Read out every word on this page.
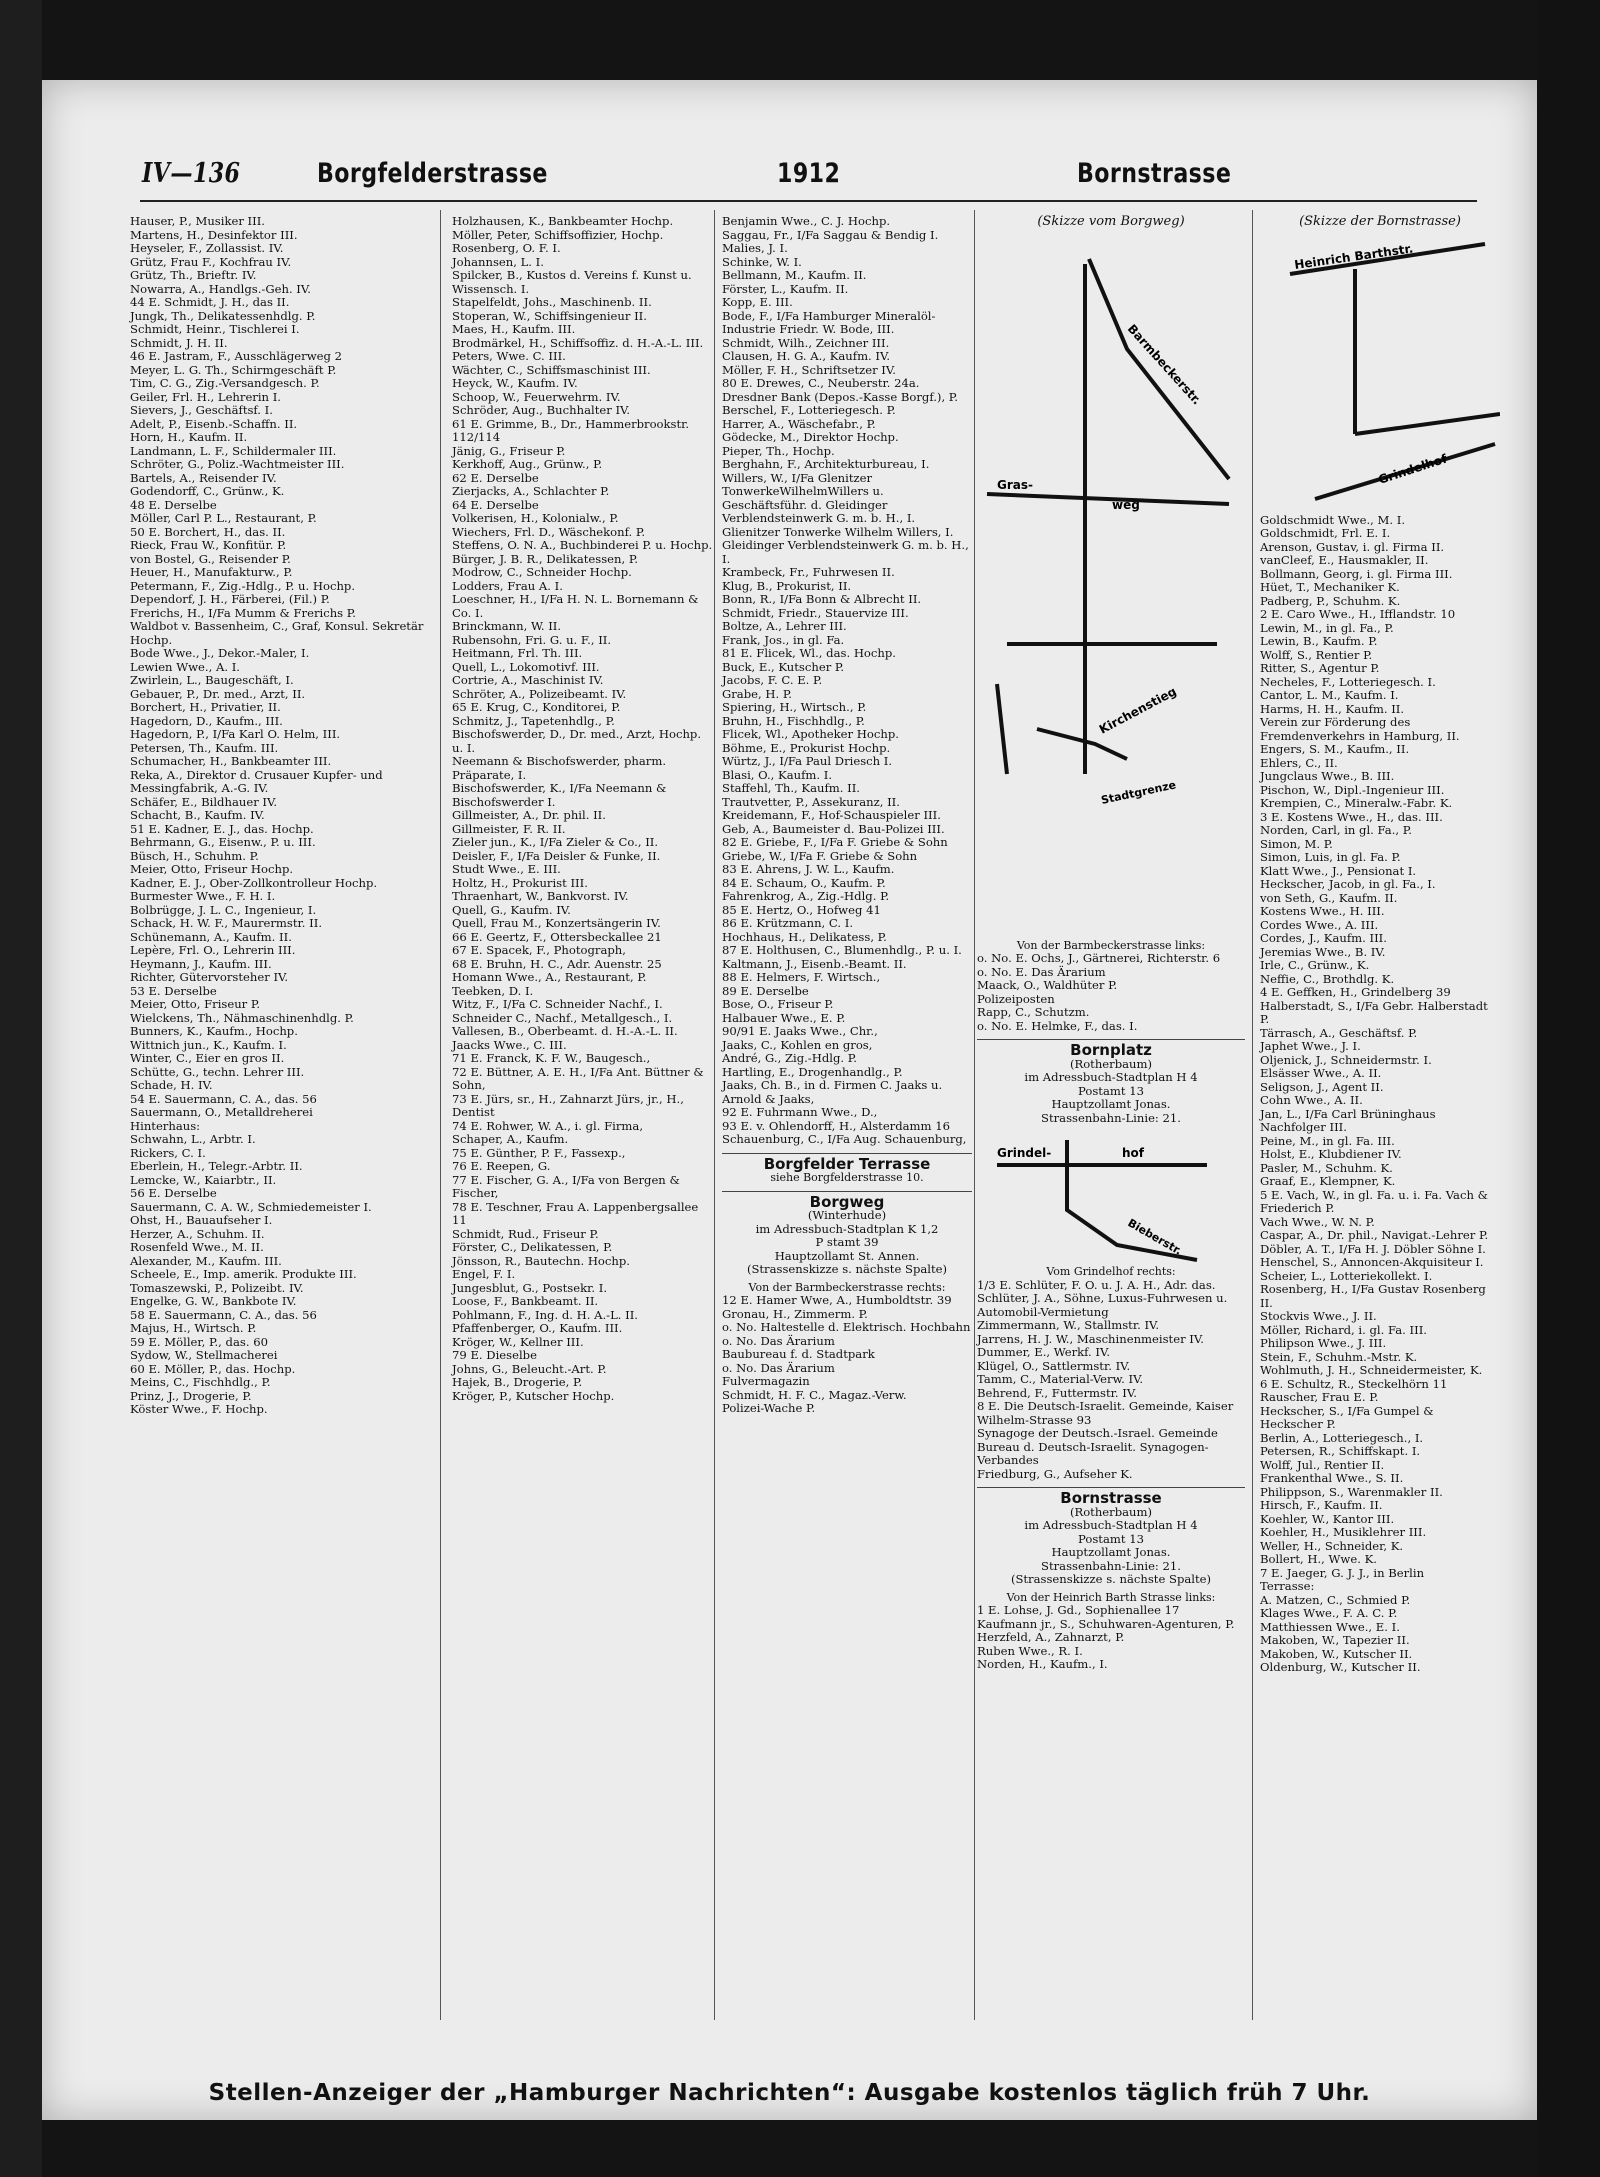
IV—136	Borgfelderstrasse	1912	Bornstrasse
Hauser, P., Musiker III.
Martens, H., Desinfektor III.
Heyseler, F., Zollassist. IV.
Grütz, Frau F., Kochfrau IV.
Grütz, Th., Brieftr. IV.
Nowarra, A., Handlgs.-Geh. IV.
44 E. Schmidt, J. H., das II.
Jungk, Th., Delikatessenhdlg. P.
Schmidt, Heinr., Tischlerei I.
Schmidt, J. H. II.
46 E. Jastram, F., Ausschlägerweg 2
Meyer, L. G. Th., Schirmgeschäft P.
Tim, C. G., Zig.-Versandgesch. P.
Geiler, Frl. H., Lehrerin I.
Sievers, J., Geschäftsf. I.
Adelt, P., Eisenb.-Schaffn. II.
Horn, H., Kaufm. II.
Landmann, L. F., Schildermaler III.
Schröter, G., Poliz.-Wachtmeister III.
Bartels, A., Reisender IV.
Godendorff, C., Grünw., K.
48 E. Derselbe
Möller, Carl P. L., Restaurant, P.
50 E. Borchert, H., das. II.
Rieck, Frau W., Konfitür. P.
von Bostel, G., Reisender P.
Heuer, H., Manufakturw., P.
Petermann, F., Zig.-Hdlg., P. u. Hochp.
Dependorf, J. H., Färberei, (Fil.) P.
Frerichs, H., I/Fa Mumm & Frerichs P.
Waldbot v. Bassenheim, C., Graf, Konsul. Sekretär Hochp.
Bode Wwe., J., Dekor.-Maler, I.
Lewien Wwe., A. I.
Zwirlein, L., Baugeschäft, I.
Gebauer, P., Dr. med., Arzt, II.
Borchert, H., Privatier, II.
Hagedorn, D., Kaufm., III.
Hagedorn, P., I/Fa Karl O. Helm, III.
Petersen, Th., Kaufm. III.
Schumacher, H., Bankbeamter III.
Reka, A., Direktor d. Crusauer Kupfer- und Messingfabrik, A.-G. IV.
Schäfer, E., Bildhauer IV.
Schacht, B., Kaufm. IV.
51 E. Kadner, E. J., das. Hochp.
Behrmann, G., Eisenw., P. u. III.
Büsch, H., Schuhm. P.
Meier, Otto, Friseur Hochp.
Kadner, E. J., Ober-Zollkontrolleur Hochp.
Burmester Wwe., F. H. I.
Bolbrügge, J. L. C., Ingenieur, I.
Schack, H. W. F., Maurermstr. II.
Schünemann, A., Kaufm. II.
Lepère, Frl. O., Lehrerin III.
Heymann, J., Kaufm. III.
Richter, Gütervorsteher IV.
53 E. Derselbe
Meier, Otto, Friseur P.
Wielckens, Th., Nähmaschinenhdlg. P.
Bunners, K., Kaufm., Hochp.
Wittnich jun., K., Kaufm. I.
Winter, C., Eier en gros II.
Schütte, G., techn. Lehrer III.
Schade, H. IV.
54 E. Sauermann, C. A., das. 56
Sauermann, O., Metalldreherei
Hinterhaus:
Schwahn, L., Arbtr. I.
Rickers, C. I.
Eberlein, H., Telegr.-Arbtr. II.
Lemcke, W., Kaiarbtr., II.
56 E. Derselbe
Sauermann, C. A. W., Schmiedemeister I.
Ohst, H., Bauaufseher I.
Herzer, A., Schuhm. II.
Rosenfeld Wwe., M. II.
Alexander, M., Kaufm. III.
Scheele, E., Imp. amerik. Produkte III.
Tomaszewski, P., Polizeibt. IV.
Engelke, G. W., Bankbote IV.
58 E. Sauermann, C. A., das. 56
Majus, H., Wirtsch. P.
59 E. Möller, P., das. 60
Sydow, W., Stellmacherei
60 E. Möller, P., das. Hochp.
Meins, C., Fischhdlg., P.
Prinz, J., Drogerie, P.
Köster Wwe., F. Hochp.
Holzhausen, K., Bankbeamter Hochp.
Möller, Peter, Schiffsoffizier, Hochp.
Rosenberg, O. F. I.
Johannsen, L. I.
Spilcker, B., Kustos d. Vereins f. Kunst u. Wissensch. I.
Stapelfeldt, Johs., Maschinenb. II.
Stoperan, W., Schiffsingenieur II.
Maes, H., Kaufm. III.
Brodmärkel, H., Schiffsoffiz. d. H.-A.-L. III.
Peters, Wwe. C. III.
Wächter, C., Schiffsmaschinist III.
Heyck, W., Kaufm. IV.
Schoop, W., Feuerwehrm. IV.
Schröder, Aug., Buchhalter IV.
61 E. Grimme, B., Dr., Hammerbrookstr. 112/114
Jänig, G., Friseur P.
Kerkhoff, Aug., Grünw., P.
62 E. Derselbe
Zierjacks, A., Schlachter P.
64 E. Derselbe
Volkerisen, H., Kolonialw., P.
Wiechers, Frl. D., Wäschekonf. P.
Steffens, O. N. A., Buchbinderei P. u. Hochp.
Bürger, J. B. R., Delikatessen, P.
Modrow, C., Schneider Hochp.
Lodders, Frau A. I.
Loeschner, H., I/Fa H. N. L. Bornemann & Co. I.
Brinckmann, W. II.
Rubensohn, Fri. G. u. F., II.
Heitmann, Frl. Th. III.
Quell, L., Lokomotivf. III.
Cortrie, A., Maschinist IV.
Schröter, A., Polizeibeamt. IV.
65 E. Krug, C., Konditorei, P.
Schmitz, J., Tapetenhdlg., P.
Bischofswerder, D., Dr. med., Arzt, Hochp. u. I.
Neemann & Bischofswerder, pharm. Präparate, I.
Bischofswerder, K., I/Fa Neemann & Bischofswerder I.
Gillmeister, A., Dr. phil. II.
Gillmeister, F. R. II.
Zieler jun., K., I/Fa Zieler & Co., II.
Deisler, F., I/Fa Deisler & Funke, II.
Studt Wwe., E. III.
Holtz, H., Prokurist III.
Thraenhart, W., Bankvorst. IV.
Quell, G., Kaufm. IV.
Quell, Frau M., Konzertsängerin IV.
66 E. Geertz, F., Ottersbeckallee 21
67 E. Spacek, F., Photograph,
68 E. Bruhn, H. C., Adr. Auenstr. 25
Homann Wwe., A., Restaurant, P.
Teebken, D. I.
Witz, F., I/Fa C. Schneider Nachf., I.
Schneider C., Nachf., Metallgesch., I.
Vallesen, B., Oberbeamt. d. H.-A.-L. II.
Jaacks Wwe., C. III.
71 E. Franck, K. F. W., Baugesch.,
72 E. Büttner, A. E. H., I/Fa Ant. Büttner & Sohn,
73 E. Jürs, sr., H., Zahnarzt Jürs, jr., H., Dentist
74 E. Rohwer, W. A., i. gl. Firma,
Schaper, A., Kaufm.
75 E. Günther, P. F., Fassexp.,
76 E. Reepen, G.
77 E. Fischer, G. A., I/Fa von Bergen & Fischer,
78 E. Teschner, Frau A. Lappenbergsallee 11
Schmidt, Rud., Friseur P.
Förster, C., Delikatessen, P.
Jönsson, R., Bautechn. Hochp.
Engel, F. I.
Jungesblut, G., Postsekr. I.
Loose, F., Bankbeamt. II.
Pohlmann, F., Ing. d. H. A.-L. II.
Pfaffenberger, O., Kaufm. III.
Kröger, W., Kellner III.
79 E. Dieselbe
Johns, G., Beleucht.-Art. P.
Hajek, B., Drogerie, P.
Kröger, P., Kutscher Hochp.
Benjamin Wwe., C. J. Hochp.
Saggau, Fr., I/Fa Saggau & Bendig I.
Malies, J. I.
Schinke, W. I.
Bellmann, M., Kaufm. II.
Förster, L., Kaufm. II.
Kopp, E. III.
Bode, F., I/Fa Hamburger Mineralöl-Industrie Friedr. W. Bode, III.
Schmidt, Wilh., Zeichner III.
Clausen, H. G. A., Kaufm. IV.
Möller, F. H., Schriftsetzer IV.
80 E. Drewes, C., Neuberstr. 24a.
Dresdner Bank (Depos.-Kasse Borgf.), P.
Berschel, F., Lotteriegesch. P.
Harrer, A., Wäschefabr., P.
Gödecke, M., Direktor Hochp.
Pieper, Th., Hochp.
Berghahn, F., Architekturbureau, I.
Willers, W., I/Fa Glenitzer TonwerkeWilhelmWillers u. Geschäftsführ. d. Gleidinger Verblendsteinwerk G. m. b. H., I.
Glienitzer Tonwerke Wilhelm Willers, I.
Gleidinger Verblendsteinwerk G. m. b. H., I.
Krambeck, Fr., Fuhrwesen II.
Klug, B., Prokurist, II.
Bonn, R., I/Fa Bonn & Albrecht II.
Schmidt, Friedr., Stauervize III.
Boltze, A., Lehrer III.
Frank, Jos., in gl. Fa.
81 E. Flicek, Wl., das. Hochp.
Buck, E., Kutscher P.
Jacobs, F. C. E. P.
Grabe, H. P.
Spiering, H., Wirtsch., P.
Bruhn, H., Fischhdlg., P.
Flicek, Wl., Apotheker Hochp.
Böhme, E., Prokurist Hochp.
Würtz, J., I/Fa Paul Driesch I.
Blasi, O., Kaufm. I.
Staffehl, Th., Kaufm. II.
Trautvetter, P., Assekuranz, II.
Kreidemann, F., Hof-Schauspieler III.
Geb, A., Baumeister d. Bau-Polizei III.
82 E. Griebe, F., I/Fa F. Griebe & Sohn
Griebe, W., I/Fa F. Griebe & Sohn
83 E. Ahrens, J. W. L., Kaufm.
84 E. Schaum, O., Kaufm. P.
Fahrenkrog, A., Zig.-Hdlg. P.
85 E. Hertz, O., Hofweg 41
86 E. Krützmann, C. I.
Hochhaus, H., Delikatess, P.
87 E. Holthusen, C., Blumenhdlg., P. u. I.
Kaltmann, J., Eisenb.-Beamt. II.
88 E. Helmers, F. Wirtsch.,
89 E. Derselbe
Bose, O., Friseur P.
Halbauer Wwe., E. P.
90/91 E. Jaaks Wwe., Chr.,
Jaaks, C., Kohlen en gros,
André, G., Zig.-Hdlg. P.
Hartling, E., Drogenhandlg., P.
Jaaks, Ch. B., in d. Firmen C. Jaaks u. Arnold & Jaaks,
92 E. Fuhrmann Wwe., D.,
93 E. v. Ohlendorff, H., Alsterdamm 16
Schauenburg, C., I/Fa Aug. Schauenburg,
Borgfelder Terrasse
siehe Borgfelderstrasse 10.
Borgweg
(Winterhude)
im Adressbuch-Stadtplan K 1,2
P stamt 39
Hauptzollamt St. Annen.
(Strassenskizze s. nächste Spalte)
Von der Barmbeckerstrasse rechts:
12 E. Hamer Wwe, A., Humboldtstr. 39
Gronau, H., Zimmerm. P.
o. No. Haltestelle d. Elektrisch. Hochbahn
o. No. Das Ärarium
Baubureau f. d. Stadtpark
o. No. Das Ärarium
Fulvermagazin
Schmidt, H. F. C., Magaz.-Verw.
Polizei-Wache P.
(Skizze vom Borgweg)
Barmbeckerstr.
Gras-
weg
Kirchenstieg
Stadtgrenze
Von der Barmbeckerstrasse links:
o. No. E. Ochs, J., Gärtnerei, Richterstr. 6
o. No. E. Das Ärarium
Maack, O., Waldhüter P.
Polizeiposten
Rapp, C., Schutzm.
o. No. E. Helmke, F., das. I.
Bornplatz
(Rotherbaum)
im Adressbuch-Stadtplan H 4
Postamt 13
Hauptzollamt Jonas.
Strassenbahn-Linie: 21.
Grindel-	hof
Bieberstr.
Vom Grindelhof rechts:
1/3 E. Schlüter, F. O. u. J. A. H., Adr. das.
Schlüter, J. A., Söhne, Luxus-Fuhrwesen u. Automobil-Vermietung
Zimmermann, W., Stallmstr. IV.
Jarrens, H. J. W., Maschinenmeister IV.
Dummer, E., Werkf. IV.
Klügel, O., Sattlermstr. IV.
Tamm, C., Material-Verw. IV.
Behrend, F., Futtermstr. IV.
8 E. Die Deutsch-Israelit. Gemeinde, Kaiser Wilhelm-Strasse 93
Synagoge der Deutsch.-Israel. Gemeinde
Bureau d. Deutsch-Israelit. Synagogen-Verbandes
Friedburg, G., Aufseher K.
Bornstrasse
(Rotherbaum)
im Adressbuch-Stadtplan H 4
Postamt 13
Hauptzollamt Jonas.
Strassenbahn-Linie: 21.
(Strassenskizze s. nächste Spalte)
Von der Heinrich Barth Strasse links:
1 E. Lohse, J. Gd., Sophienallee 17
Kaufmann jr., S., Schuhwaren-Agenturen, P.
Herzfeld, A., Zahnarzt, P.
Ruben Wwe., R. I.
Norden, H., Kaufm., I.
(Skizze der Bornstrasse)
Heinrich Barthstr.
Grindelhof
Goldschmidt Wwe., M. I.
Goldschmidt, Frl. E. I.
Arenson, Gustav, i. gl. Firma II.
vanCleef, E., Hausmakler, II.
Bollmann, Georg, i. gl. Firma III.
Hüet, T., Mechaniker K.
Padberg, P., Schuhm. K.
2 E. Caro Wwe., H., Ifflandstr. 10
Lewin, M., in gl. Fa., P.
Lewin, B., Kaufm. P.
Wolff, S., Rentier P.
Ritter, S., Agentur P.
Necheles, F., Lotteriegesch. I.
Cantor, L. M., Kaufm. I.
Harms, H. H., Kaufm. II.
Verein zur Förderung des Fremdenverkehrs in Hamburg, II.
Engers, S. M., Kaufm., II.
Ehlers, C., II.
Jungclaus Wwe., B. III.
Pischon, W., Dipl.-Ingenieur III.
Krempien, C., Mineralw.-Fabr. K.
3 E. Kostens Wwe., H., das. III.
Norden, Carl, in gl. Fa., P.
Simon, M. P.
Simon, Luis, in gl. Fa. P.
Klatt Wwe., J., Pensionat I.
Heckscher, Jacob, in gl. Fa., I.
von Seth, G., Kaufm. II.
Kostens Wwe., H. III.
Cordes Wwe., A. III.
Cordes, J., Kaufm. III.
Jeremias Wwe., B. IV.
Irle, C., Grünw., K.
Neffie, C., Brothdlg. K.
4 E. Geffken, H., Grindelberg 39
Halberstadt, S., I/Fa Gebr. Halberstadt P.
Tärrasch, A., Geschäftsf. P.
Japhet Wwe., J. I.
Oljenick, J., Schneidermstr. I.
Elsässer Wwe., A. II.
Seligson, J., Agent II.
Cohn Wwe., A. II.
Jan, L., I/Fa Carl Brüninghaus Nachfolger III.
Peine, M., in gl. Fa. III.
Holst, E., Klubdiener IV.
Pasler, M., Schuhm. K.
Graaf, E., Klempner, K.
5 E. Vach, W., in gl. Fa. u. i. Fa. Vach & Friederich P.
Vach Wwe., W. N. P.
Caspar, A., Dr. phil., Navigat.-Lehrer P.
Döbler, A. T., I/Fa H. J. Döbler Söhne I.
Henschel, S., Annoncen-Akquisiteur I.
Scheier, L., Lotteriekollekt. I.
Rosenberg, H., I/Fa Gustav Rosenberg II.
Stockvis Wwe., J. II.
Möller, Richard, i. gl. Fa. III.
Philipson Wwe., J. III.
Stein, F., Schuhm.-Mstr. K.
Wohlmuth, J. H., Schneidermeister, K.
6 E. Schultz, R., Steckelhörn 11
Rauscher, Frau E. P.
Heckscher, S., I/Fa Gumpel & Heckscher P.
Berlin, A., Lotteriegesch., I.
Petersen, R., Schiffskapt. I.
Wolff, Jul., Rentier II.
Frankenthal Wwe., S. II.
Philippson, S., Warenmakler II.
Hirsch, F., Kaufm. II.
Koehler, W., Kantor III.
Koehler, H., Musiklehrer III.
Weller, H., Schneider, K.
Bollert, H., Wwe. K.
7 E. Jaeger, G. J. J., in Berlin
Terrasse:
A. Matzen, C., Schmied P.
Klages Wwe., F. A. C. P.
Matthiessen Wwe., E. I.
Makoben, W., Tapezier II.
Makoben, W., Kutscher II.
Oldenburg, W., Kutscher II.
Stellen-Anzeiger der „Hamburger Nachrichten“: Ausgabe kostenlos täglich früh 7 Uhr.
